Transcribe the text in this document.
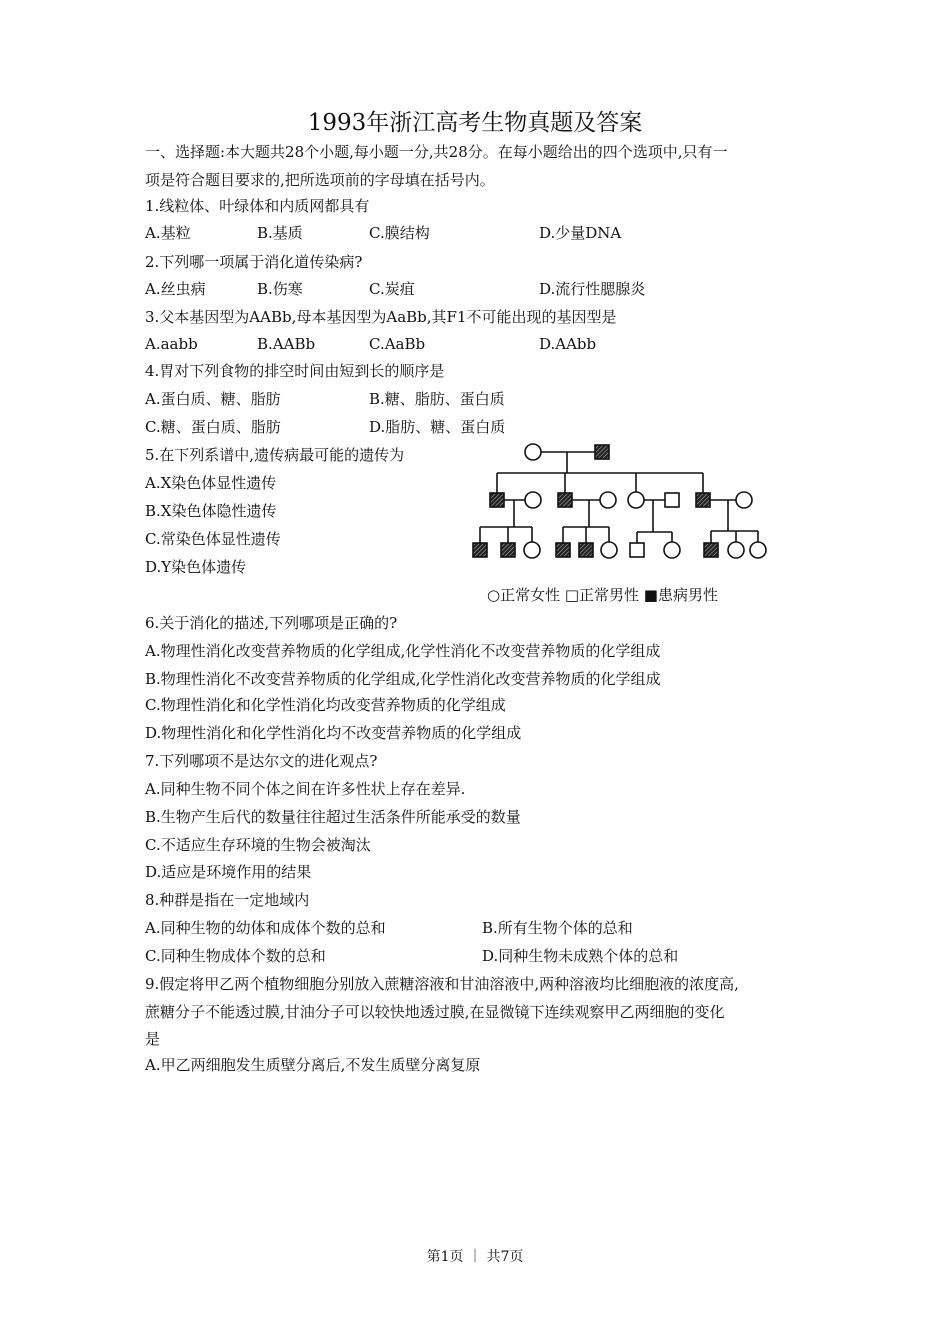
1993年浙江高考生物真题及答案
一、选择题:本大题共28个小题,每小题一分,共28分。在每小题给出的四个选项中,只有一
项是符合题目要求的,把所选项前的字母填在括号内。
1.线粒体、叶绿体和内质网都具有
A.基粒	B.基质	C.膜结构	D.少量DNA
2.下列哪一项属于消化道传染病?
A.丝虫病	B.伤寒	C.炭疽	D.流行性腮腺炎
3.父本基因型为AABb,母本基因型为AaBb,其F1不可能出现的基因型是
A.aabb	B.AABb	C.AaBb	D.AAbb
4.胃对下列食物的排空时间由短到长的顺序是
A.蛋白质、糖、脂肪	B.糖、脂肪、蛋白质
C.糖、蛋白质、脂肪	D.脂肪、糖、蛋白质
5.在下列系谱中,遗传病最可能的遗传为
A.X染色体显性遗传
B.X染色体隐性遗传
C.常染色体显性遗传
D.Y染色体遗传
○正常女性 □正常男性 ■患病男性
6.关于消化的描述,下列哪项是正确的?
A.物理性消化改变营养物质的化学组成,化学性消化不改变营养物质的化学组成
B.物理性消化不改变营养物质的化学组成,化学性消化改变营养物质的化学组成
C.物理性消化和化学性消化均改变营养物质的化学组成
D.物理性消化和化学性消化均不改变营养物质的化学组成
7.下列哪项不是达尔文的进化观点?
A.同种生物不同个体之间在许多性状上存在差异.
B.生物产生后代的数量往往超过生活条件所能承受的数量
C.不适应生存环境的生物会被淘汰
D.适应是环境作用的结果
8.种群是指在一定地域内
A.同种生物的幼体和成体个数的总和	B.所有生物个体的总和
C.同种生物成体个数的总和	D.同种生物未成熟个体的总和
9.假定将甲乙两个植物细胞分别放入蔗糖溶液和甘油溶液中,两种溶液均比细胞液的浓度高,
蔗糖分子不能透过膜,甘油分子可以较快地透过膜,在显微镜下连续观察甲乙两细胞的变化
是
A.甲乙两细胞发生质壁分离后,不发生质壁分离复原
第1页 ｜ 共7页
